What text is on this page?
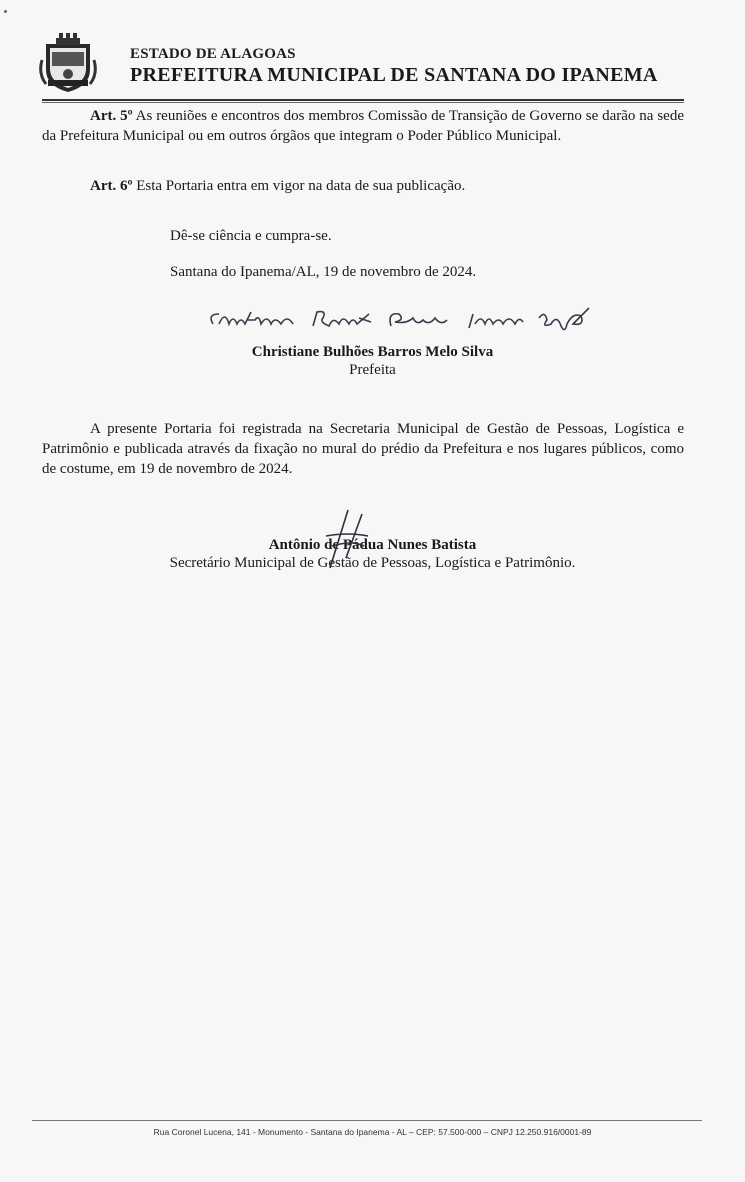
ESTADO DE ALAGOAS
PREFEITURA MUNICIPAL DE SANTANA DO IPANEMA
Art. 5º As reuniões e encontros dos membros Comissão de Transição de Governo se darão na sede da Prefeitura Municipal ou em outros órgãos que integram o Poder Público Municipal.
Art. 6º Esta Portaria entra em vigor na data de sua publicação.
Dê-se ciência e cumpra-se.
Santana do Ipanema/AL, 19 de novembro de 2024.
Christiane Bulhões Barros Melo Silva
Prefeita
A presente Portaria foi registrada na Secretaria Municipal de Gestão de Pessoas, Logística e Patrimônio e publicada através da fixação no mural do prédio da Prefeitura e nos lugares públicos, como de costume, em 19 de novembro de 2024.
Antônio de Pádua Nunes Batista
Secretário Municipal de Gestão de Pessoas, Logística e Patrimônio.
Rua Coronel Lucena, 141 - Monumento - Santana do Ipanema - AL – CEP: 57.500-000 – CNPJ 12.250.916/0001-89
